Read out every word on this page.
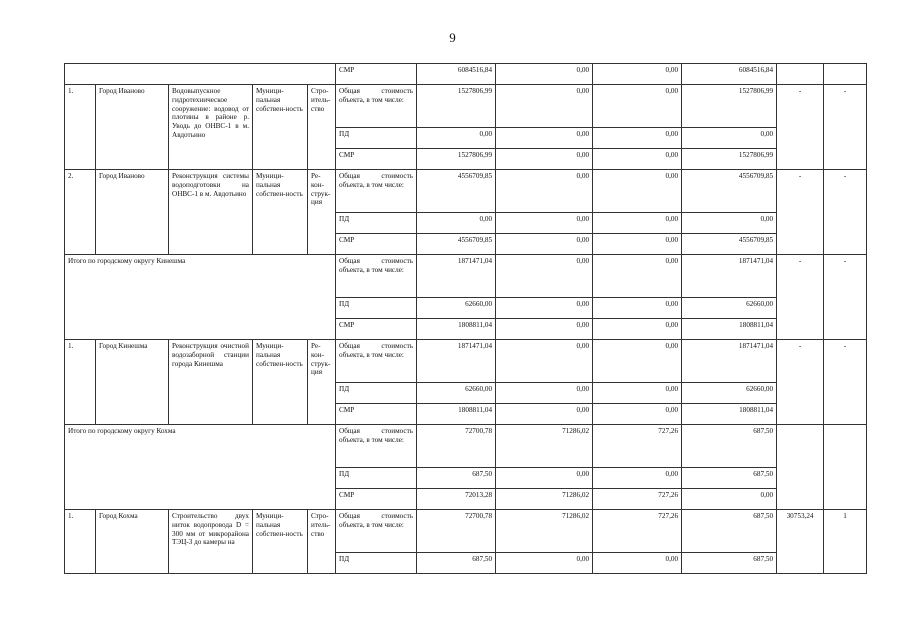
9
					СМР	6084516,84	0,00	0,00	6084516,84		
1.	Город Иваново	Водовыпускное гидротехническое сооружение: водовод от плотины в районе р. Уводь до ОНВС-1 в м. Авдотьино	Муници-пальная собствен-ность	Стро-итель-ство	Общая стоимость объекта, в том числе:	1527806,99	0,00	0,00	1527806,99	-	-
					ПД	0,00	0,00	0,00	0,00		
					СМР	1527806,99	0,00	0,00	1527806,99		
2.	Город Иваново	Реконструкция системы водоподготовки на ОНВС-1 в м. Авдотьино	Муници-пальная собствен-ность	Ре-кон-струк-ция	Общая стоимость объекта, в том числе:	4556709,85	0,00	0,00	4556709,85	-	-
					ПД	0,00	0,00	0,00	0,00		
					СМР	4556709,85	0,00	0,00	4556709,85		
Итого по городскому округу Кинешма					Общая стоимость объекта, в том числе:	1871471,04	0,00	0,00	1871471,04	-	-
					ПД	62660,00	0,00	0,00	62660,00		
					СМР	1808811,04	0,00	0,00	1808811,04		
1.	Город Кинешма	Реконструкция очистной водозаборной станции города Кинешма	Муници-пальная собствен-ность	Ре-кон-струк-ция	Общая стоимость объекта, в том числе:	1871471,04	0,00	0,00	1871471,04	-	-
					ПД	62660,00	0,00	0,00	62660,00		
					СМР	1808811,04	0,00	0,00	1808811,04		
Итого по городскому округу Кохма					Общая стоимость объекта, в том числе:	72700,78	71286,02	727,26	687,50		
					ПД	687,50	0,00	0,00	687,50		
					СМР	72013,28	71286,02	727,26	0,00		
1.	Город Кохма	Строительство двух ниток водопровода D = 300 мм от микрорайона ТЭЦ-3 до камеры на	Муници-пальная собствен-ность	Стро-итель-ство	Общая стоимость объекта, в том числе:	72700,78	71286,02	727,26	687,50	30753,24	1
					ПД	687,50	0,00	0,00	687,50		
